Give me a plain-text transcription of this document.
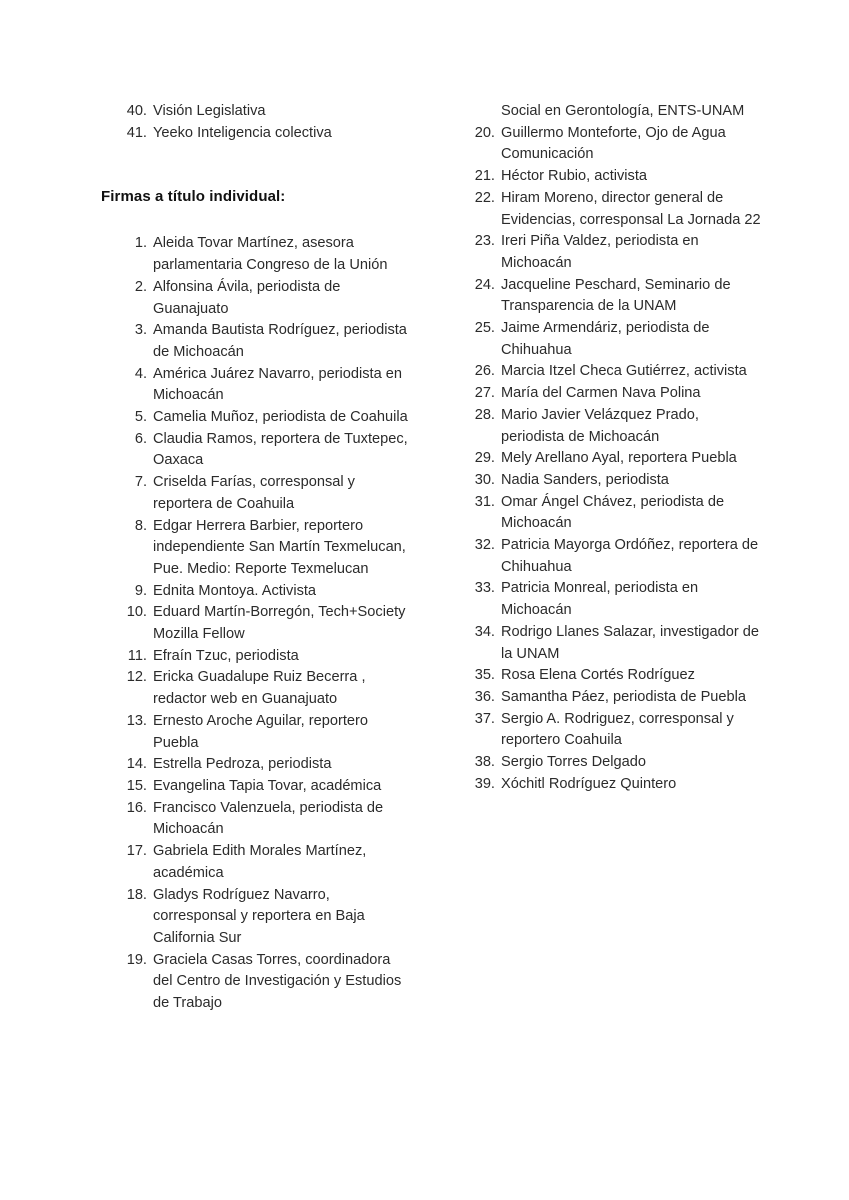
40. Visión Legislativa
41. Yeeko Inteligencia colectiva
Firmas a título individual:
1. Aleida Tovar Martínez, asesora parlamentaria Congreso de la Unión
2. Alfonsina Ávila, periodista de Guanajuato
3. Amanda Bautista Rodríguez, periodista de Michoacán
4. América Juárez Navarro, periodista en Michoacán
5. Camelia Muñoz, periodista de Coahuila
6. Claudia Ramos, reportera de Tuxtepec, Oaxaca
7. Criselda Farías, corresponsal y reportera de Coahuila
8. Edgar Herrera Barbier, reportero independiente San Martín Texmelucan, Pue. Medio: Reporte Texmelucan
9. Ednita Montoya. Activista
10. Eduard Martín-Borregón, Tech+Society Mozilla Fellow
11. Efraín Tzuc, periodista
12. Ericka Guadalupe Ruiz Becerra , redactor web en Guanajuato
13. Ernesto Aroche Aguilar, reportero Puebla
14. Estrella Pedroza, periodista
15. Evangelina Tapia Tovar, académica
16. Francisco Valenzuela, periodista de Michoacán
17. Gabriela Edith Morales Martínez, académica
18. Gladys Rodríguez Navarro, corresponsal y reportera en Baja California Sur
19. Graciela Casas Torres, coordinadora del Centro de Investigación y Estudios de Trabajo
Social en Gerontología, ENTS-UNAM
20. Guillermo Monteforte, Ojo de Agua Comunicación
21. Héctor Rubio, activista
22. Hiram Moreno, director general de Evidencias, corresponsal La Jornada 22
23. Ireri Piña Valdez, periodista en Michoacán
24. Jacqueline Peschard, Seminario de Transparencia de la UNAM
25. Jaime Armendáriz, periodista de Chihuahua
26. Marcia Itzel Checa Gutiérrez, activista
27. María del Carmen Nava Polina
28. Mario Javier Velázquez Prado, periodista de Michoacán
29. Mely Arellano Ayal, reportera Puebla
30. Nadia Sanders, periodista
31. Omar Ángel Chávez, periodista de Michoacán
32. Patricia Mayorga Ordóñez, reportera de Chihuahua
33. Patricia Monreal, periodista en Michoacán
34. Rodrigo Llanes Salazar, investigador de la UNAM
35. Rosa Elena Cortés Rodríguez
36. Samantha Páez, periodista de Puebla
37. Sergio A. Rodriguez, corresponsal y reportero Coahuila
38. Sergio Torres Delgado
39. Xóchitl Rodríguez Quintero
